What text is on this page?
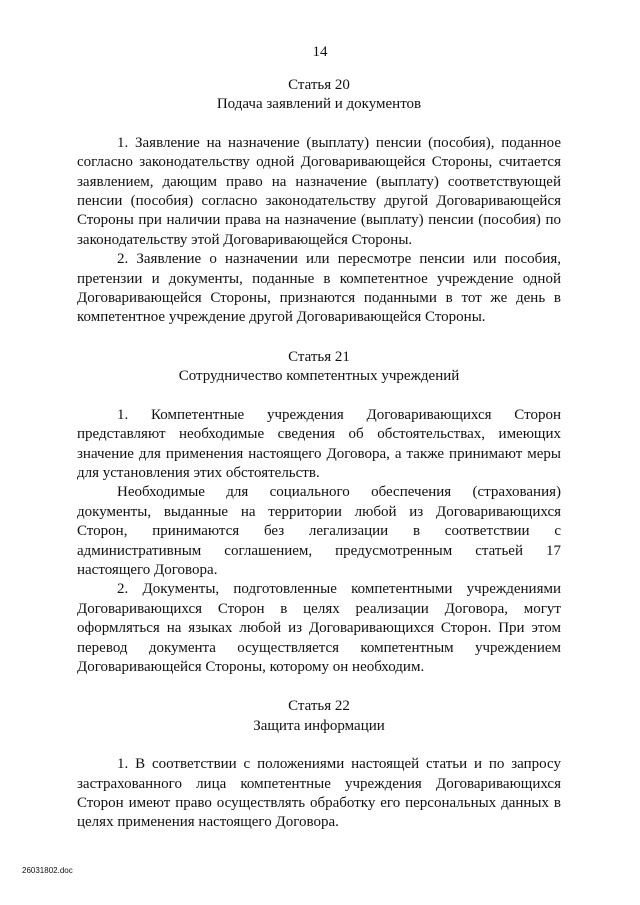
14
Статья 20
Подача заявлений и документов

1. Заявление на назначение (выплату) пенсии (пособия), поданное согласно законодательству одной Договаривающейся Стороны, считается заявлением, дающим право на назначение (выплату) соответствующей пенсии (пособия) согласно законодательству другой Договаривающейся Стороны при наличии права на назначение (выплату) пенсии (пособия) по законодательству этой Договаривающейся Стороны.

2. Заявление о назначении или пересмотре пенсии или пособия, претензии и документы, поданные в компетентное учреждение одной Договаривающейся Стороны, признаются поданными в тот же день в компетентное учреждение другой Договаривающейся Стороны.

Статья 21
Сотрудничество компетентных учреждений

1. Компетентные учреждения Договаривающихся Сторон представляют необходимые сведения об обстоятельствах, имеющих значение для применения настоящего Договора, а также принимают меры для установления этих обстоятельств.

Необходимые для социального обеспечения (страхования) документы, выданные на территории любой из Договаривающихся Сторон, принимаются без легализации в соответствии с административным соглашением, предусмотренным статьей 17 настоящего Договора.

2. Документы, подготовленные компетентными учреждениями Договаривающихся Сторон в целях реализации Договора, могут оформляться на языках любой из Договаривающихся Сторон. При этом перевод документа осуществляется компетентным учреждением Договаривающейся Стороны, которому он необходим.

Статья 22
Защита информации

1. В соответствии с положениями настоящей статьи и по запросу застрахованного лица компетентные учреждения Договаривающихся Сторон имеют право осуществлять обработку его персональных данных в целях применения настоящего Договора.

26031802.doc
